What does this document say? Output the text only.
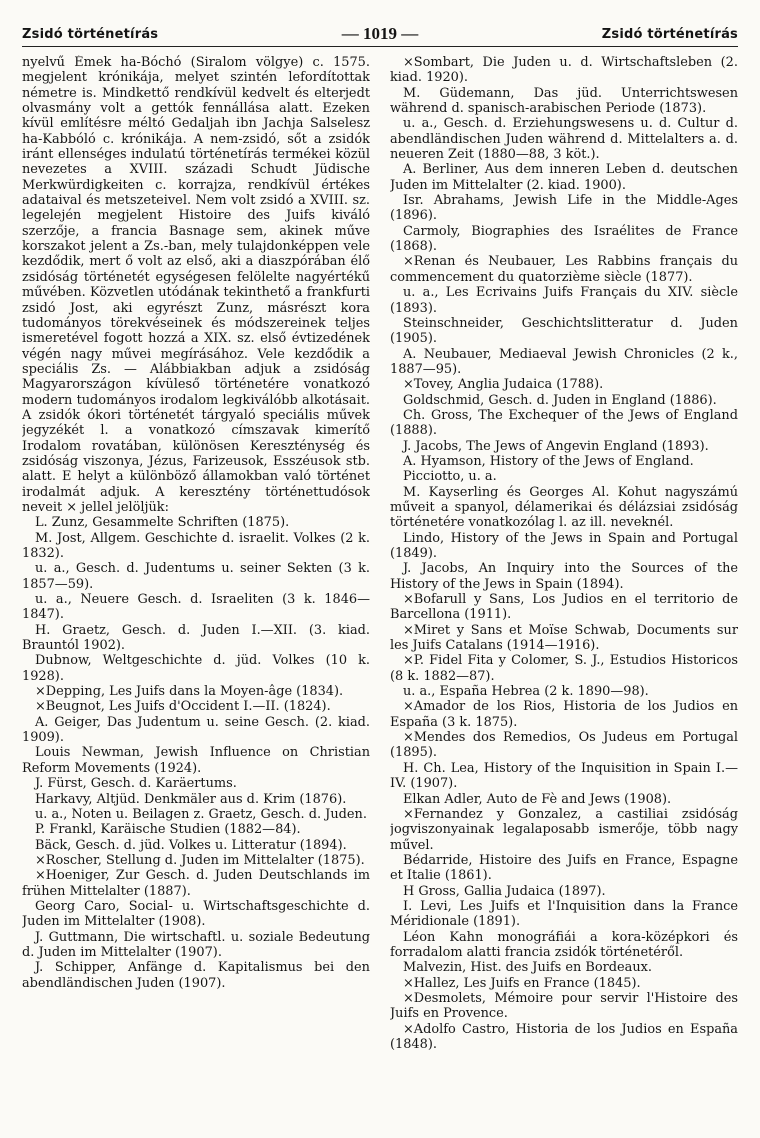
Zsidó történetírás	— 1019 —	Zsidó történetírás

nyelvű Émek ha-Bóchó (Siralom völgye) c. 1575. megjelent krónikája, melyet szintén lefordítottak németre is. Mindkettő rendkívül kedvelt és elterjedt olvasmány volt a gettók fennállása alatt. Ezeken kívül említésre méltó Gedaljah ibn Jachja Salselesz ha-Kabbóló c. krónikája. A nem-zsidó, sőt a zsidók iránt ellenséges indulatú történetírás termékei közül nevezetes a XVIII. századi Schudt Jüdische Merkwürdigkeiten c. korrajza, rendkívül értékes adataival és metszeteivel. Nem volt zsidó a XVIII. sz. legelején megjelent Histoire des Juifs kiváló szerzője, a francia Basnage sem, akinek műve korszakot jelent a Zs.-ban, mely tulajdonképpen vele kezdődik, mert ő volt az első, aki a diaszpórában élő zsidóság történetét egységesen felölelte nagyértékű művében. Közvetlen utódának tekinthető a frankfurti zsidó Jost, aki egyrészt Zunz, másrészt kora tudományos törekvéseinek és módszereinek teljes ismeretével fogott hozzá a XIX. sz. első évtizedének végén nagy művei megírásához. Vele kezdődik a speciális Zs. — Alábbiakban adjuk a zsidóság Magyarországon kívüleső történetére vonatkozó modern tudományos irodalom legkiválóbb alkotásait. A zsidók ókori történetét tárgyaló speciális művek jegyzékét l. a vonatkozó címszavak kimerítő Irodalom rovatában, különösen Kereszténység és zsidóság viszonya, Jézus, Farizeusok, Esszéusok stb. alatt. E helyt a különböző államokban való történet irodalmát adjuk. A keresztény történettudósok neveit × jellel jelöljük:

L. Zunz, Gesammelte Schriften (1875).

M. Jost, Allgem. Geschichte d. israelit. Volkes (2 k. 1832).

u. a., Gesch. d. Judentums u. seiner Sekten (3 k. 1857—59).

u. a., Neuere Gesch. d. Israeliten (3 k. 1846—1847).

H. Graetz, Gesch. d. Juden I.—XII. (3. kiad. Brauntól 1902).

Dubnow, Weltgeschichte d. jüd. Volkes (10 k. 1928).

×Depping, Les Juifs dans la Moyen-âge (1834).

×Beugnot, Les Juifs d'Occident I.—II. (1824).

A. Geiger, Das Judentum u. seine Gesch. (2. kiad. 1909).

Louis Newman, Jewish Influence on Christian Reform Movements (1924).

J. Fürst, Gesch. d. Karäertums.

Harkavy, Altjüd. Denkmäler aus d. Krim (1876).

u. a., Noten u. Beilagen z. Graetz, Gesch. d. Juden.

P. Frankl, Karäische Studien (1882—84).

Bäck, Gesch. d. jüd. Volkes u. Litteratur (1894).

×Roscher, Stellung d. Juden im Mittelalter (1875).

×Hoeniger, Zur Gesch. d. Juden Deutschlands im frühen Mittelalter (1887).

Georg Caro, Social- u. Wirtschaftsgeschichte d. Juden im Mittelalter (1908).

J. Guttmann, Die wirtschaftl. u. soziale Bedeutung d. Juden im Mittelalter (1907).

J. Schipper, Anfänge d. Kapitalismus bei den abendländischen Juden (1907).

×Sombart, Die Juden u. d. Wirtschaftsleben (2. kiad. 1920).

M. Güdemann, Das jüd. Unterrichtswesen während d. spanisch-arabischen Periode (1873).

u. a., Gesch. d. Erziehungswesens u. d. Cultur d. abendländischen Juden während d. Mittelalters a. d. neueren Zeit (1880—88, 3 köt.).

A. Berliner, Aus dem inneren Leben d. deutschen Juden im Mittelalter (2. kiad. 1900).

Isr. Abrahams, Jewish Life in the Middle-Ages (1896).

Carmoly, Biographies des Israélites de France (1868).

×Renan és Neubauer, Les Rabbins français du commencement du quatorzième siècle (1877).

u. a., Les Ecrivains Juifs Français du XIV. siècle (1893).

Steinschneider, Geschichtslitteratur d. Juden (1905).

A. Neubauer, Mediaeval Jewish Chronicles (2 k., 1887—95).

×Tovey, Anglia Judaica (1788).

Goldschmid, Gesch. d. Juden in England (1886).

Ch. Gross, The Exchequer of the Jews of England (1888).

J. Jacobs, The Jews of Angevin England (1893).

A. Hyamson, History of the Jews of England.

Picciotto, u. a.

M. Kayserling és Georges Al. Kohut nagyszámú műveit a spanyol, délamerikai és délázsiai zsidóság történetére vonatkozólag l. az ill. neveknél.

Lindo, History of the Jews in Spain and Portugal (1849).

J. Jacobs, An Inquiry into the Sources of the History of the Jews in Spain (1894).

×Bofarull y Sans, Los Judios en el territorio de Barcellona (1911).

×Miret y Sans et Moïse Schwab, Documents sur les Juifs Catalans (1914—1916).

×P. Fidel Fita y Colomer, S. J., Estudios Historicos (8 k. 1882—87).

u. a., España Hebrea (2 k. 1890—98).

×Amador de los Rios, Historia de los Judios en España (3 k. 1875).

×Mendes dos Remedios, Os Judeus em Portugal (1895).

H. Ch. Lea, History of the Inquisition in Spain I.—IV. (1907).

Elkan Adler, Auto de Fè and Jews (1908).

×Fernandez y Gonzalez, a castiliai zsidóság jogviszonyainak legalaposabb ismerője, több nagy művel.

Bédarride, Histoire des Juifs en France, Espagne et Italie (1861).

H Gross, Gallia Judaica (1897).

I. Levi, Les Juifs et l'Inquisition dans la France Méridionale (1891).

Léon Kahn monográfiái a kora-középkori és forradalom alatti francia zsidók történetéről.

Malvezin, Hist. des Juifs en Bordeaux.

×Hallez, Les Juifs en France (1845).

×Desmolets, Mémoire pour servir l'Histoire des Juifs en Provence.

×Adolfo Castro, Historia de los Judios en España (1848).
